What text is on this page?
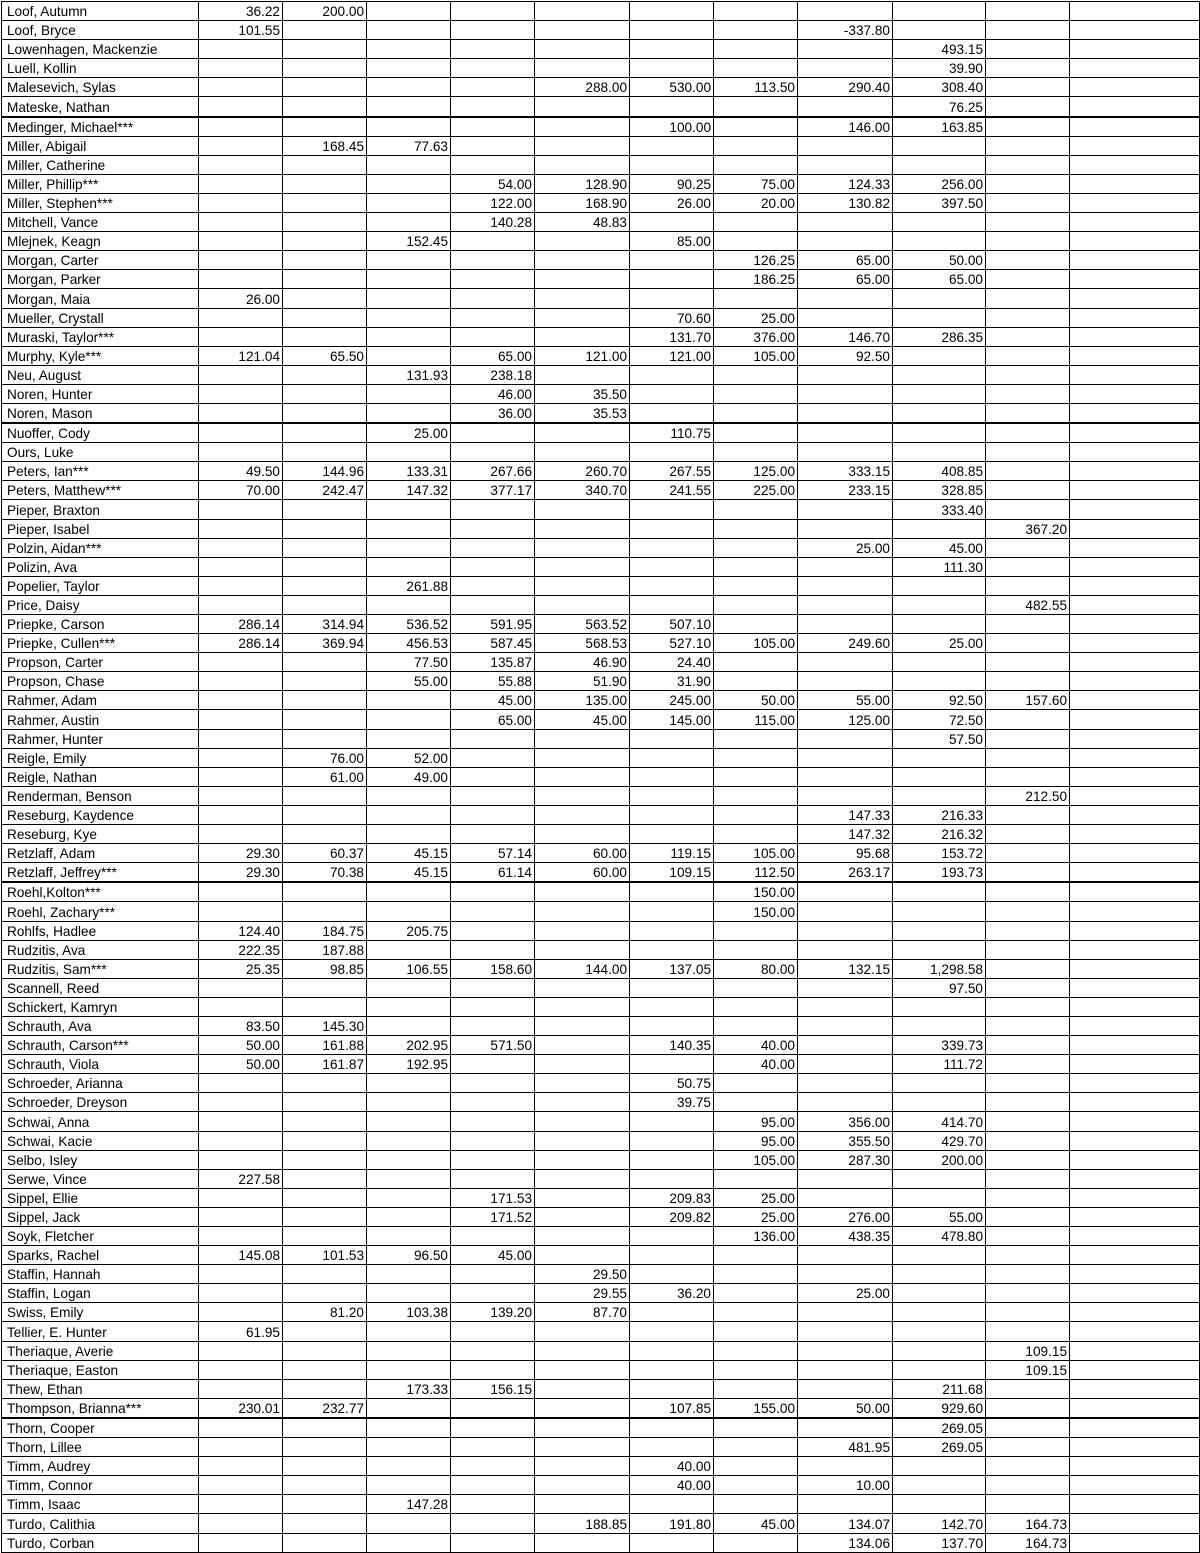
Loof, Autumn	36.22	200.00										
Loof, Bryce	101.55							-337.80				
Lowenhagen, Mackenzie									493.15			
Luell, Kollin									39.90			
Malesevich, Sylas					288.00	530.00	113.50	290.40	308.40			
Mateske, Nathan									76.25			
Medinger, Michael***						100.00		146.00	163.85			
Miller, Abigail		168.45	77.63									
Miller, Catherine												
Miller, Phillip***				54.00	128.90	90.25	75.00	124.33	256.00			
Miller, Stephen***				122.00	168.90	26.00	20.00	130.82	397.50			
Mitchell, Vance				140.28	48.83							
Mlejnek, Keagn			152.45			85.00						
Morgan, Carter							126.25	65.00	50.00			
Morgan, Parker							186.25	65.00	65.00			
Morgan, Maia	26.00											
Mueller, Crystall						70.60	25.00					
Muraski, Taylor***						131.70	376.00	146.70	286.35			
Murphy, Kyle***	121.04	65.50		65.00	121.00	121.00	105.00	92.50				
Neu, August			131.93	238.18								
Noren, Hunter				46.00	35.50							
Noren, Mason				36.00	35.53							
Nuoffer, Cody			25.00			110.75						
Ours, Luke												
Peters, Ian***	49.50	144.96	133.31	267.66	260.70	267.55	125.00	333.15	408.85			
Peters, Matthew***	70.00	242.47	147.32	377.17	340.70	241.55	225.00	233.15	328.85			
Pieper, Braxton									333.40			
Pieper, Isabel										367.20		
Polzin, Aidan***								25.00	45.00			
Polizin, Ava									111.30			
Popelier, Taylor			261.88									
Price, Daisy										482.55		
Priepke, Carson	286.14	314.94	536.52	591.95	563.52	507.10						
Priepke, Cullen***	286.14	369.94	456.53	587.45	568.53	527.10	105.00	249.60	25.00			
Propson, Carter			77.50	135.87	46.90	24.40						
Propson, Chase			55.00	55.88	51.90	31.90						
Rahmer, Adam				45.00	135.00	245.00	50.00	55.00	92.50	157.60		
Rahmer, Austin				65.00	45.00	145.00	115.00	125.00	72.50			
Rahmer, Hunter									57.50			
Reigle, Emily		76.00	52.00									
Reigle, Nathan		61.00	49.00									
Renderman, Benson										212.50		
Reseburg, Kaydence								147.33	216.33			
Reseburg, Kye								147.32	216.32			
Retzlaff, Adam	29.30	60.37	45.15	57.14	60.00	119.15	105.00	95.68	153.72			
Retzlaff, Jeffrey***	29.30	70.38	45.15	61.14	60.00	109.15	112.50	263.17	193.73			
Roehl,Kolton***							150.00					
Roehl, Zachary***							150.00					
Rohlfs, Hadlee	124.40	184.75	205.75									
Rudzitis, Ava	222.35	187.88										
Rudzitis, Sam***	25.35	98.85	106.55	158.60	144.00	137.05	80.00	132.15	1,298.58			
Scannell, Reed									97.50			
Schickert, Kamryn												
Schrauth, Ava	83.50	145.30										
Schrauth, Carson***	50.00	161.88	202.95	571.50		140.35	40.00		339.73			
Schrauth, Viola	50.00	161.87	192.95				40.00		111.72			
Schroeder, Arianna						50.75						
Schroeder, Dreyson						39.75						
Schwai, Anna							95.00	356.00	414.70			
Schwai, Kacie							95.00	355.50	429.70			
Selbo, Isley							105.00	287.30	200.00			
Serwe, Vince	227.58											
Sippel, Ellie				171.53		209.83	25.00					
Sippel, Jack				171.52		209.82	25.00	276.00	55.00			
Soyk, Fletcher							136.00	438.35	478.80			
Sparks, Rachel	145.08	101.53	96.50	45.00								
Staffin, Hannah					29.50							
Staffin, Logan					29.55	36.20		25.00				
Swiss, Emily		81.20	103.38	139.20	87.70							
Tellier, E. Hunter	61.95											
Theriaque, Averie										109.15		
Theriaque, Easton										109.15		
Thew, Ethan			173.33	156.15					211.68			
Thompson, Brianna***	230.01	232.77				107.85	155.00	50.00	929.60			
Thorn, Cooper									269.05			
Thorn, Lillee								481.95	269.05			
Timm, Audrey						40.00						
Timm, Connor						40.00		10.00				
Timm, Isaac			147.28									
Turdo, Calithia					188.85	191.80	45.00	134.07	142.70	164.73		
Turdo, Corban								134.06	137.70	164.73		
